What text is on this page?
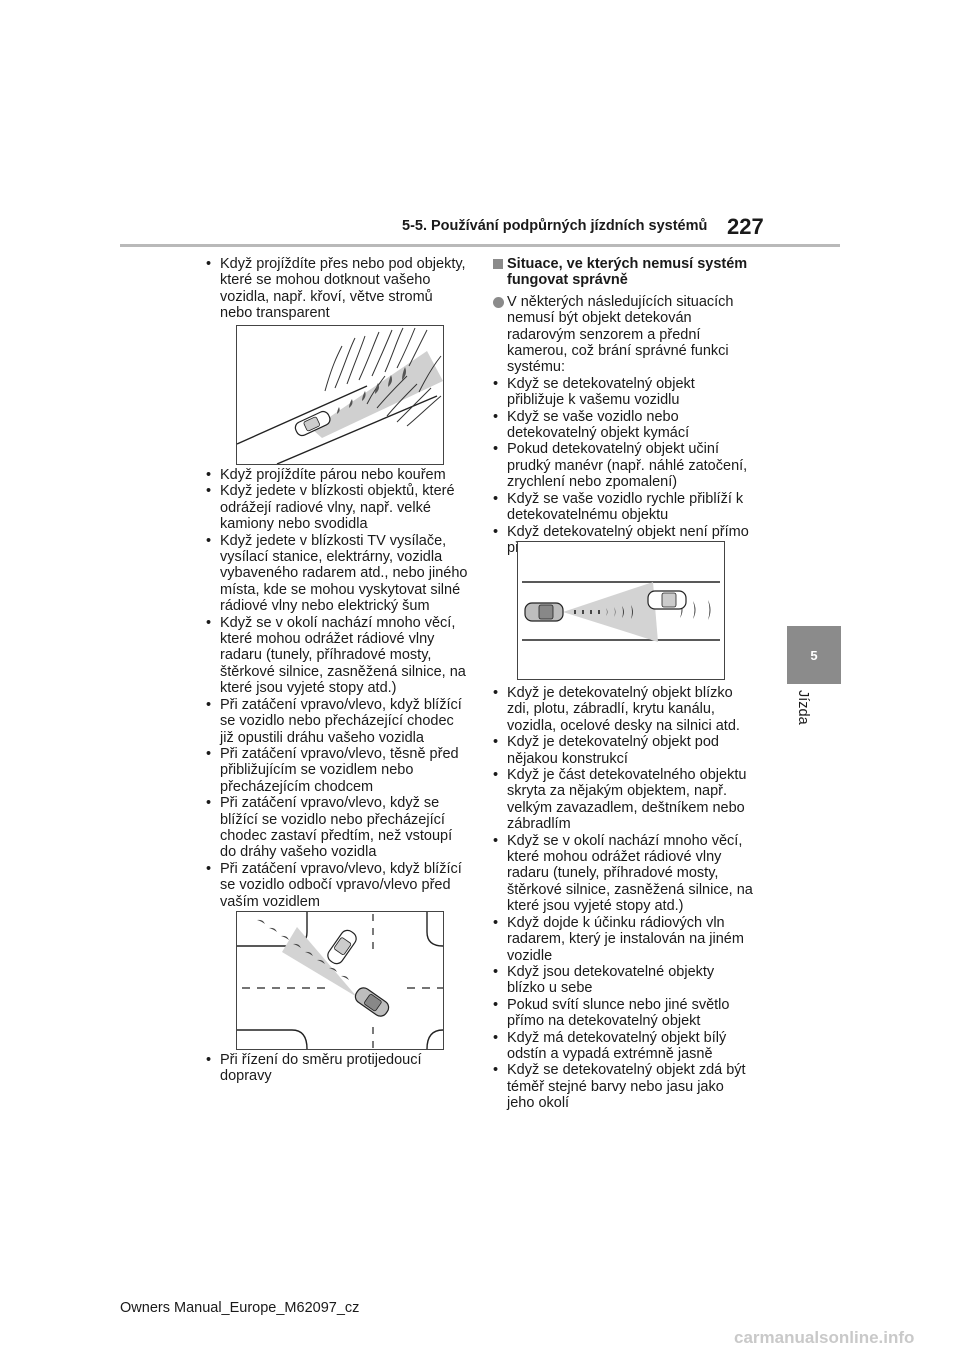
5-5. Používání podpůrných jízdních systémů 227
5
Jízda
• Když projíždíte přes nebo pod objekty, které se mohou dotknout vašeho vozidla, např. křoví, větve stromů nebo transparent
• Když projíždíte párou nebo kouřem
• Když jedete v blízkosti objektů, které odrážejí radiové vlny, např. velké kamiony nebo svodidla
• Když jedete v blízkosti TV vysílače, vysílací stanice, elektrárny, vozidla vybaveného radarem atd., nebo jiného místa, kde se mohou vyskytovat silné rádiové vlny nebo elektrický šum
• Když se v okolí nachází mnoho věcí, které mohou odrážet rádiové vlny radaru (tunely, příhradové mosty, štěrkové silnice, zasněžená silnice, na které jsou vyjeté stopy atd.)
• Při zatáčení vpravo/vlevo, když blížící se vozidlo nebo přecházející chodec již opustili dráhu vašeho vozidla
• Při zatáčení vpravo/vlevo, těsně před přibližujícím se vozidlem nebo přecházejícím chodcem
• Při zatáčení vpravo/vlevo, když se blížící se vozidlo nebo přecházející chodec zastaví předtím, než vstoupí do dráhy vašeho vozidla
• Při zatáčení vpravo/vlevo, když blížící se vozidlo odbočí vpravo/vlevo před vaším vozidlem
• Při řízení do směru protijedoucí dopravy
Situace, ve kterých nemusí systém fungovat správně
V některých následujících situacích nemusí být objekt detekován radarovým senzorem a přední kamerou, což brání správné funkci systému:
• Když se detekovatelný objekt přibližuje k vašemu vozidlu
• Když se vaše vozidlo nebo detekovatelný objekt kymácí
• Pokud detekovatelný objekt učiní prudký manévr (např. náhlé zatočení, zrychlení nebo zpomalení)
• Když se vaše vozidlo rychle přiblíží k detekovatelnému objektu
• Když detekovatelný objekt není přímo před vaším vozidlem
• Když je detekovatelný objekt blízko zdi, plotu, zábradlí, krytu kanálu, vozidla, ocelové desky na silnici atd.
• Když je detekovatelný objekt pod nějakou konstrukcí
• Když je část detekovatelného objektu skryta za nějakým objektem, např. velkým zavazadlem, deštníkem nebo zábradlím
• Když se v okolí nachází mnoho věcí, které mohou odrážet rádiové vlny radaru (tunely, příhradové mosty, štěrkové silnice, zasněžená silnice, na které jsou vyjeté stopy atd.)
• Když dojde k účinku rádiových vln radarem, který je instalován na jiném vozidle
• Když jsou detekovatelné objekty blízko u sebe
• Pokud svítí slunce nebo jiné světlo přímo na detekovatelný objekt
• Když má detekovatelný objekt bílý odstín a vypadá extrémně jasně
• Když se detekovatelný objekt zdá být téměř stejné barvy nebo jasu jako jeho okolí
Owners Manual_Europe_M62097_cz
carmanualsonline.info
